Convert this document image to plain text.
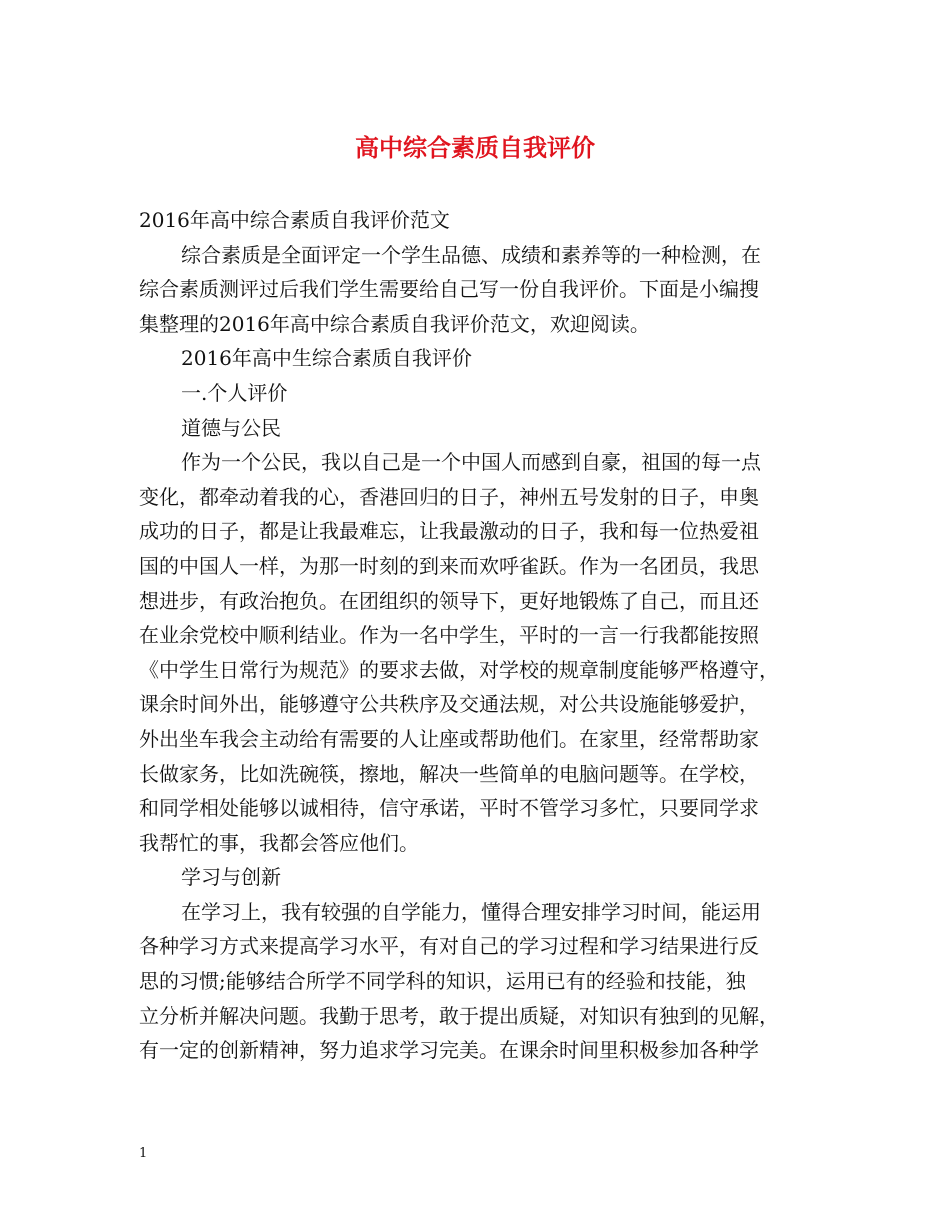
高中综合素质自我评价
2016年高中综合素质自我评价范文
综合素质是全面评定一个学生品德、成绩和素养等的一种检测，在
综合素质测评过后我们学生需要给自己写一份自我评价。下面是小编搜
集整理的2016年高中综合素质自我评价范文，欢迎阅读。
2016年高中生综合素质自我评价
一.个人评价
道德与公民
作为一个公民，我以自己是一个中国人而感到自豪，祖国的每一点
变化，都牵动着我的心，香港回归的日子，神州五号发射的日子，申奥
成功的日子，都是让我最难忘，让我最激动的日子，我和每一位热爱祖
国的中国人一样，为那一时刻的到来而欢呼雀跃。作为一名团员，我思
想进步，有政治抱负。在团组织的领导下，更好地锻炼了自己，而且还
在业余党校中顺利结业。作为一名中学生，平时的一言一行我都能按照
《中学生日常行为规范》的要求去做，对学校的规章制度能够严格遵守，
课余时间外出，能够遵守公共秩序及交通法规，对公共设施能够爱护，
外出坐车我会主动给有需要的人让座或帮助他们。在家里，经常帮助家
长做家务，比如洗碗筷，擦地，解决一些简单的电脑问题等。在学校，
和同学相处能够以诚相待，信守承诺，平时不管学习多忙，只要同学求
我帮忙的事，我都会答应他们。
学习与创新
在学习上，我有较强的自学能力，懂得合理安排学习时间，能运用
各种学习方式来提高学习水平，有对自己的学习过程和学习结果进行反
思的习惯;能够结合所学不同学科的知识，运用已有的经验和技能，独
立分析并解决问题。我勤于思考，敢于提出质疑，对知识有独到的见解，
有一定的创新精神，努力追求学习完美。在课余时间里积极参加各种学
1
